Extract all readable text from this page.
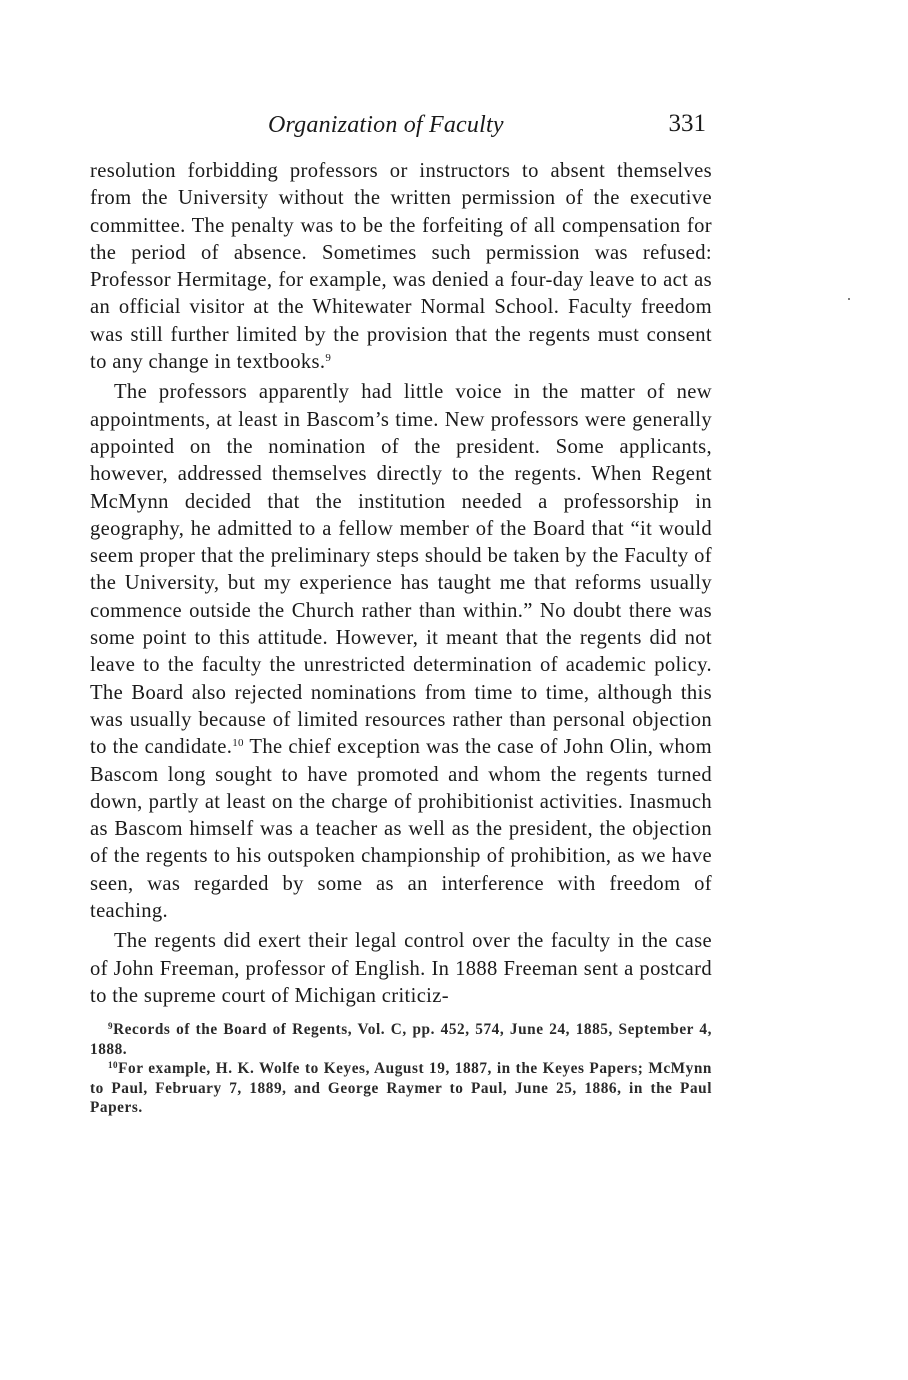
Organization of Faculty	331

resolution forbidding professors or instructors to absent themselves from the University without the written permission of the executive committee. The penalty was to be the forfeiting of all compensation for the period of absence. Sometimes such permission was refused: Professor Hermitage, for example, was denied a four-day leave to act as an official visitor at the Whitewater Normal School. Faculty freedom was still further limited by the provision that the regents must consent to any change in textbooks.$^9$

The professors apparently had little voice in the matter of new appointments, at least in Bascom’s time. New professors were generally appointed on the nomination of the president. Some applicants, however, addressed themselves directly to the regents. When Regent McMynn decided that the institution needed a professorship in geography, he admitted to a fellow member of the Board that “it would seem proper that the preliminary steps should be taken by the Faculty of the University, but my experience has taught me that reforms usually commence outside the Church rather than within.” No doubt there was some point to this attitude. However, it meant that the regents did not leave to the faculty the unrestricted determination of academic policy. The Board also rejected nominations from time to time, although this was usually because of limited resources rather than personal objection to the candidate.$^{10}$ The chief exception was the case of John Olin, whom Bascom long sought to have promoted and whom the regents turned down, partly at least on the charge of prohibitionist activities. Inasmuch as Bascom himself was a teacher as well as the president, the objection of the regents to his outspoken championship of prohibition, as we have seen, was regarded by some as an interference with freedom of teaching.

The regents did exert their legal control over the faculty in the case of John Freeman, professor of English. In 1888 Freeman sent a postcard to the supreme court of Michigan criticiz-

$^9$Records of the Board of Regents, Vol. C, pp. 452, 574, June 24, 1885, September 4, 1888.

$^{10}$For example, H. K. Wolfe to Keyes, August 19, 1887, in the Keyes Papers; McMynn to Paul, February 7, 1889, and George Raymer to Paul, June 25, 1886, in the Paul Papers.
